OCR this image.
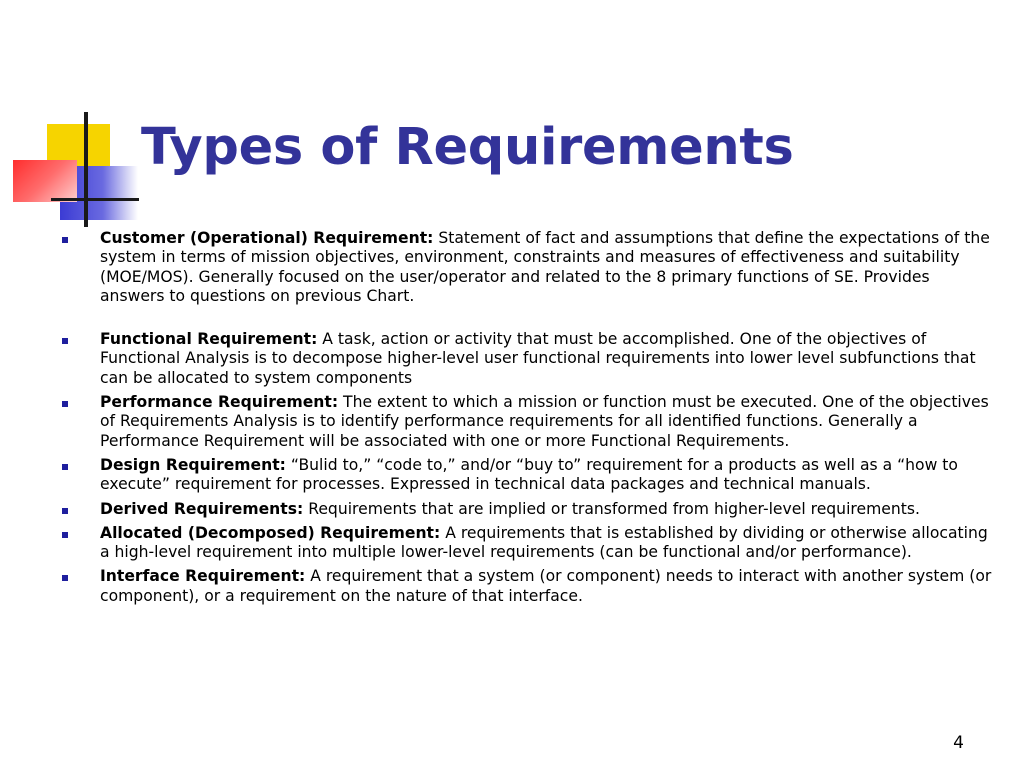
Types of Requirements
Customer (Operational) Requirement: Statement of fact and assumptions that define the expectations of the system in terms of mission objectives, environment, constraints and measures of effectiveness and suitability (MOE/MOS). Generally focused on the user/operator and related to the 8 primary functions of SE. Provides answers to questions on previous Chart.
Functional Requirement: A task, action or activity that must be accomplished. One of the objectives of Functional Analysis is to decompose higher-level user functional requirements into lower level subfunctions that can be allocated to system components
Performance Requirement: The extent to which a mission or function must be executed. One of the objectives of Requirements Analysis is to identify performance requirements for all identified functions. Generally a Performance Requirement will be associated with one or more Functional Requirements.
Design Requirement: “Bulid to,” “code to,” and/or “buy to” requirement for a products as well as a “how to execute” requirement for processes. Expressed in technical data packages and technical manuals.
Derived Requirements: Requirements that are implied or transformed from higher-level requirements.
Allocated (Decomposed) Requirement: A requirements that is established by dividing or otherwise allocating a high-level requirement into multiple lower-level requirements (can be functional and/or performance).
Interface Requirement: A requirement that a system (or component) needs to interact with another system (or component), or a requirement on the nature of that interface.
4
